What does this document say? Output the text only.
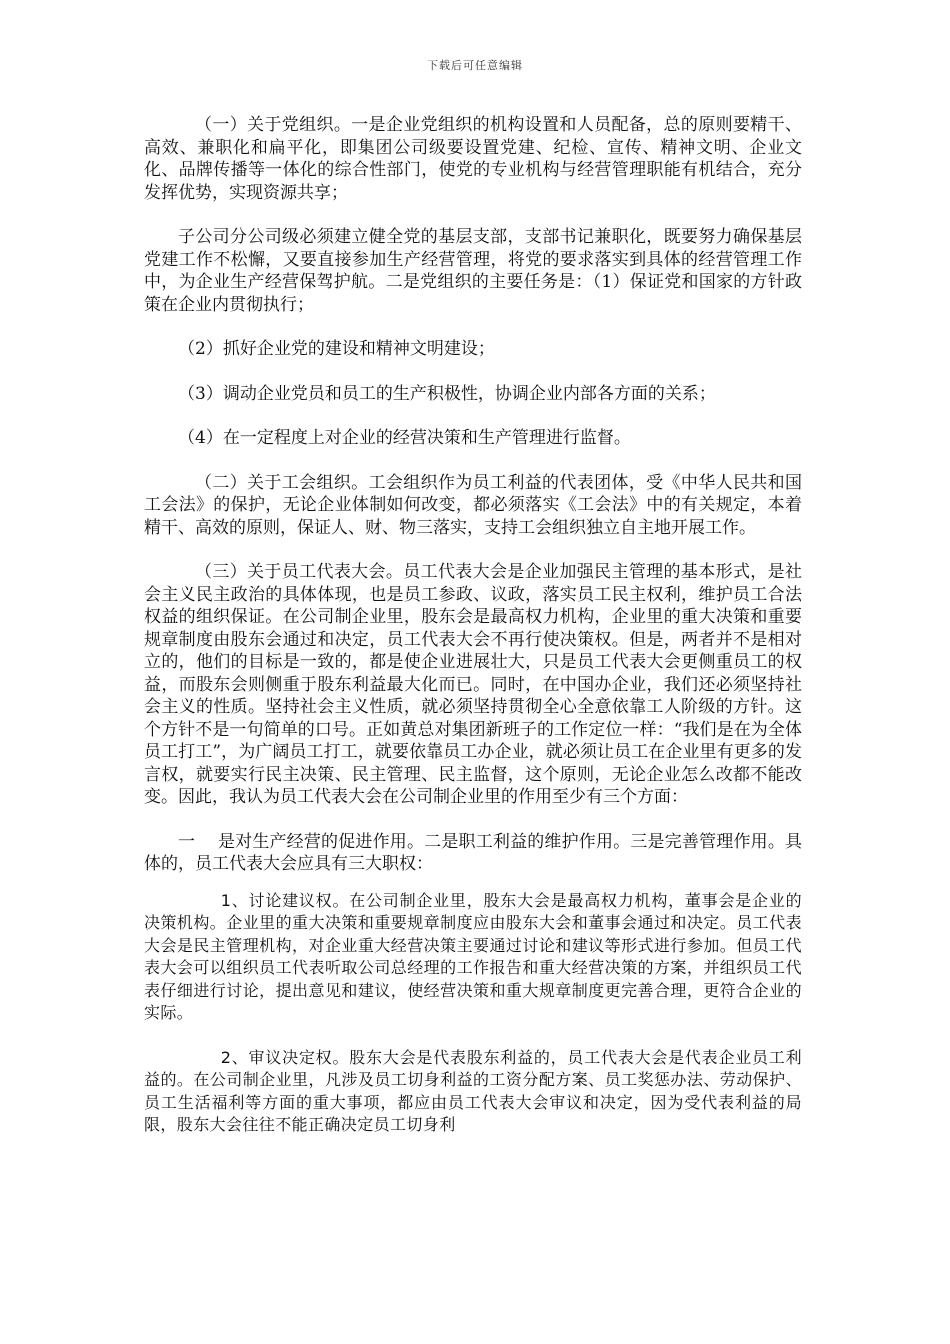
下载后可任意编辑

（一）关于党组织。一是企业党组织的机构设置和人员配备，总的原则要精干、高效、兼职化和扁平化，即集团公司级要设置党建、纪检、宣传、精神文明、企业文化、品牌传播等一体化的综合性部门，使党的专业机构与经营管理职能有机结合，充分发挥优势，实现资源共享；

子公司分公司级必须建立健全党的基层支部，支部书记兼职化，既要努力确保基层党建工作不松懈，又要直接参加生产经营管理，将党的要求落实到具体的经营管理工作中，为企业生产经营保驾护航。二是党组织的主要任务是：（1）保证党和国家的方针政策在企业内贯彻执行；

（2）抓好企业党的建设和精神文明建设；

（3）调动企业党员和员工的生产积极性，协调企业内部各方面的关系；

（4）在一定程度上对企业的经营决策和生产管理进行监督。

（二）关于工会组织。工会组织作为员工利益的代表团体，受《中华人民共和国工会法》的保护，无论企业体制如何改变，都必须落实《工会法》中的有关规定，本着精干、高效的原则，保证人、财、物三落实，支持工会组织独立自主地开展工作。

（三）关于员工代表大会。员工代表大会是企业加强民主管理的基本形式，是社会主义民主政治的具体体现，也是员工参政、议政，落实员工民主权利，维护员工合法权益的组织保证。在公司制企业里，股东会是最高权力机构，企业里的重大决策和重要规章制度由股东会通过和决定，员工代表大会不再行使决策权。但是，两者并不是相对立的，他们的目标是一致的，都是使企业进展壮大，只是员工代表大会更侧重员工的权益，而股东会则侧重于股东利益最大化而已。同时，在中国办企业，我们还必须坚持社会主义的性质。坚持社会主义性质，就必须坚持贯彻全心全意依靠工人阶级的方针。这个方针不是一句简单的口号。正如黄总对集团新班子的工作定位一样：“我们是在为全体员工打工”，为广阔员工打工，就要依靠员工办企业，就必须让员工在企业里有更多的发言权，就要实行民主决策、民主管理、民主监督，这个原则，无论企业怎么改都不能改变。因此，我认为员工代表大会在公司制企业里的作用至少有三个方面：

一　 是对生产经营的促进作用。二是职工利益的维护作用。三是完善管理作用。具体的，员工代表大会应具有三大职权：

1、讨论建议权。在公司制企业里，股东大会是最高权力机构，董事会是企业的决策机构。企业里的重大决策和重要规章制度应由股东大会和董事会通过和决定。员工代表大会是民主管理机构，对企业重大经营决策主要通过讨论和建议等形式进行参加。但员工代表大会可以组织员工代表听取公司总经理的工作报告和重大经营决策的方案，并组织员工代表仔细进行讨论，提出意见和建议，使经营决策和重大规章制度更完善合理，更符合企业的实际。

2、审议决定权。股东大会是代表股东利益的，员工代表大会是代表企业员工利益的。在公司制企业里，凡涉及员工切身利益的工资分配方案、员工奖惩办法、劳动保护、员工生活福利等方面的重大事项，都应由员工代表大会审议和决定，因为受代表利益的局限，股东大会往往不能正确决定员工切身利
